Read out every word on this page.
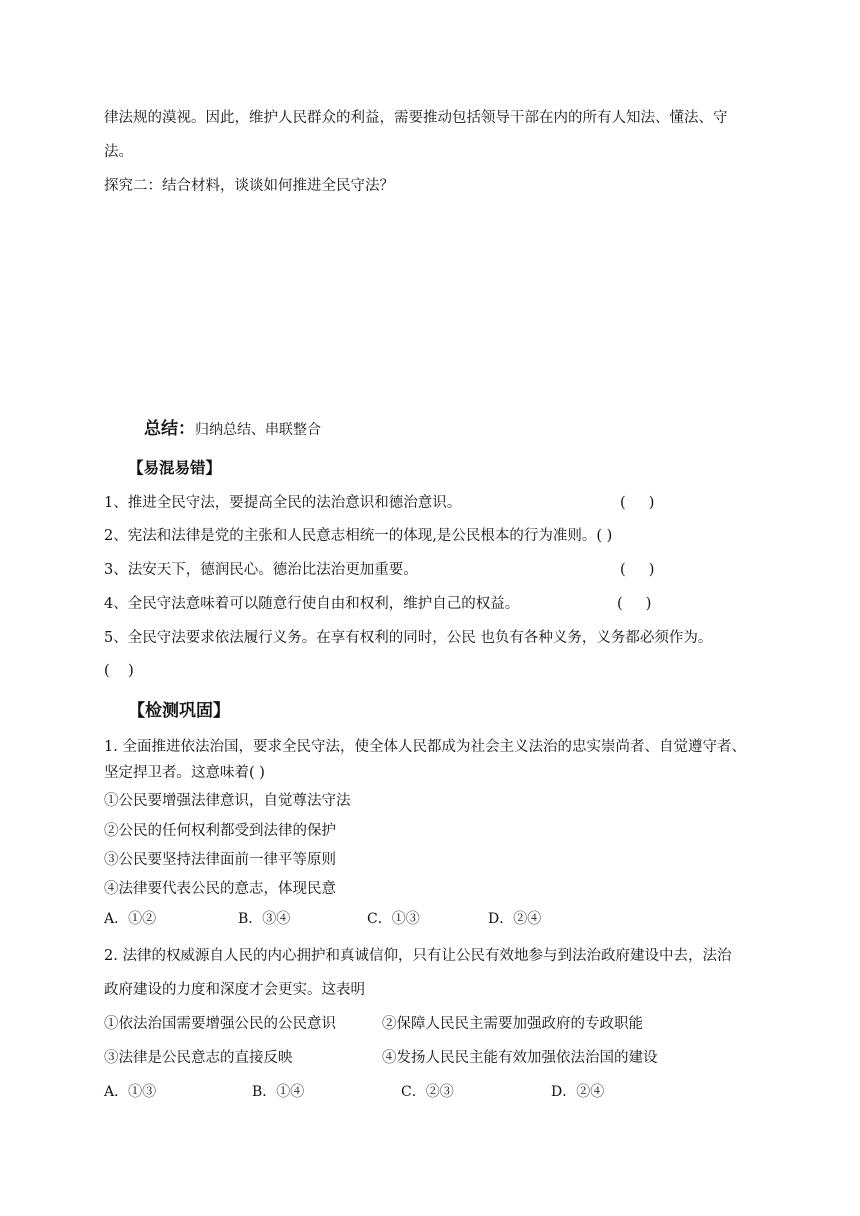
律法规的漠视。因此，维护人民群众的利益，需要推动包括领导干部在内的所有人知法、懂法、守
法。
探究二：结合材料，谈谈如何推进全民守法？
总结：归纳总结、串联整合
【易混易错】
1、推进全民守法，要提高全民的法治意识和德治意识。	(     )
2、宪法和法律是党的主张和人民意志相统一的体现,是公民根本的行为准则。( )
3、法安天下，德润民心。德治比法治更加重要。	(     )
4、全民守法意味着可以随意行使自由和权利，维护自己的权益。	(     )
5、全民守法要求依法履行义务。在享有权利的同时，公民 也负有各种义务，义务都必须作为。
(    )
【检测巩固】
1. 全面推进依法治国，要求全民守法，使全体人民都成为社会主义法治的忠实崇尚者、自觉遵守者、
坚定捍卫者。这意味着( )
①公民要增强法律意识，自觉尊法守法
②公民的任何权利都受到法律的保护
③公民要坚持法律面前一律平等原则
④法律要代表公民的意志，体现民意
A．①②	B．③④	C．①③	D．②④
2. 法律的权威源自人民的内心拥护和真诚信仰，只有让公民有效地参与到法治政府建设中去，法治
政府建设的力度和深度才会更实。这表明
①依法治国需要增强公民的公民意识	②保障人民民主需要加强政府的专政职能
③法律是公民意志的直接反映	④发扬人民民主能有效加强依法治国的建设
A．①③	B．①④	C．②③	D．②④
